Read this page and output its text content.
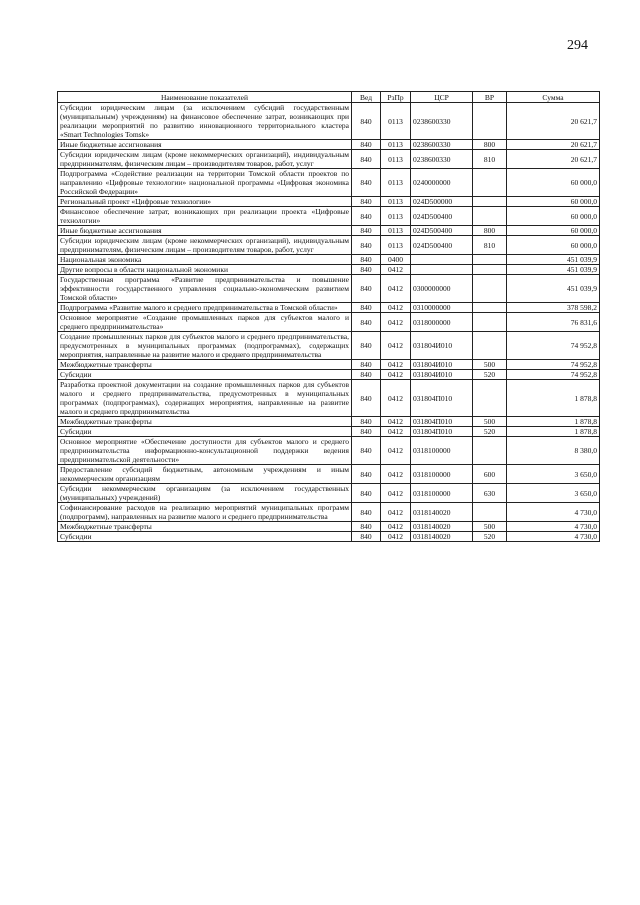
294
Наименование показателей	Вед	РзПр	ЦСР	ВР	Сумма
Субсидии юридическим лицам (за исключением субсидий государственным (муниципальным) учреждениям) на финансовое обеспечение затрат, возникающих при реализации мероприятий по развитию инновационного территориального кластера «Smart Technologies Tomsk»	840	0113	0238600330		20 621,7
Иные бюджетные ассигнования	840	0113	0238600330	800	20 621,7
Субсидии юридическим лицам (кроме некоммерческих организаций), индивидуальным предпринимателям, физическим лицам – производителям товаров, работ, услуг	840	0113	0238600330	810	20 621,7
Подпрограмма «Содействие реализации на территории Томской области проектов по направлению «Цифровые технологии» национальной программы «Цифровая экономика Российской Федерации»	840	0113	0240000000		60 000,0
Региональный проект «Цифровые технологии»	840	0113	024D500000		60 000,0
Финансовое обеспечение затрат, возникающих при реализации проекта «Цифровые технологии»	840	0113	024D500400		60 000,0
Иные бюджетные ассигнования	840	0113	024D500400	800	60 000,0
Субсидии юридическим лицам (кроме некоммерческих организаций), индивидуальным предпринимателям, физическим лицам – производителям товаров, работ, услуг	840	0113	024D500400	810	60 000,0
Национальная экономика	840	0400			451 039,9
Другие вопросы в области национальной экономики	840	0412			451 039,9
Государственная программа «Развитие предпринимательства и повышение эффективности государственного управления социально-экономическим развитием Томской области»	840	0412	0300000000		451 039,9
Подпрограмма «Развитие малого и среднего предпринимательства в Томской области»	840	0412	0310000000		378 598,2
Основное мероприятие «Создание промышленных парков для субъектов малого и среднего предпринимательства»	840	0412	0318000000		76 831,6
Создание промышленных парков для субъектов малого и среднего предпринимательства, предусмотренных в муниципальных программах (подпрограммах), содержащих мероприятия, направленные на развитие малого и среднего предпринимательства	840	0412	031804И010		74 952,8
Межбюджетные трансферты	840	0412	031804И010	500	74 952,8
Субсидии	840	0412	031804И010	520	74 952,8
Разработка проектной документации на создание промышленных парков для субъектов малого и среднего предпринимательства, предусмотренных в муниципальных программах (подпрограммах), содержащих мероприятия, направленные на развитие малого и среднего предпринимательства	840	0412	031804П010		1 878,8
Межбюджетные трансферты	840	0412	031804П010	500	1 878,8
Субсидии	840	0412	031804П010	520	1 878,8
Основное мероприятие «Обеспечение доступности для субъектов малого и среднего предпринимательства информационно-консультационной поддержки ведения предпринимательской деятельности»	840	0412	0318100000		8 380,0
Предоставление субсидий бюджетным, автономным учреждениям и иным некоммерческим организациям	840	0412	0318100000	600	3 650,0
Субсидии некоммерческим организациям (за исключением государственных (муниципальных) учреждений)	840	0412	0318100000	630	3 650,0
Софинансирование расходов на реализацию мероприятий муниципальных программ (подпрограмм), направленных на развитие малого и среднего предпринимательства	840	0412	0318140020		4 730,0
Межбюджетные трансферты	840	0412	0318140020	500	4 730,0
Субсидии	840	0412	0318140020	520	4 730,0
